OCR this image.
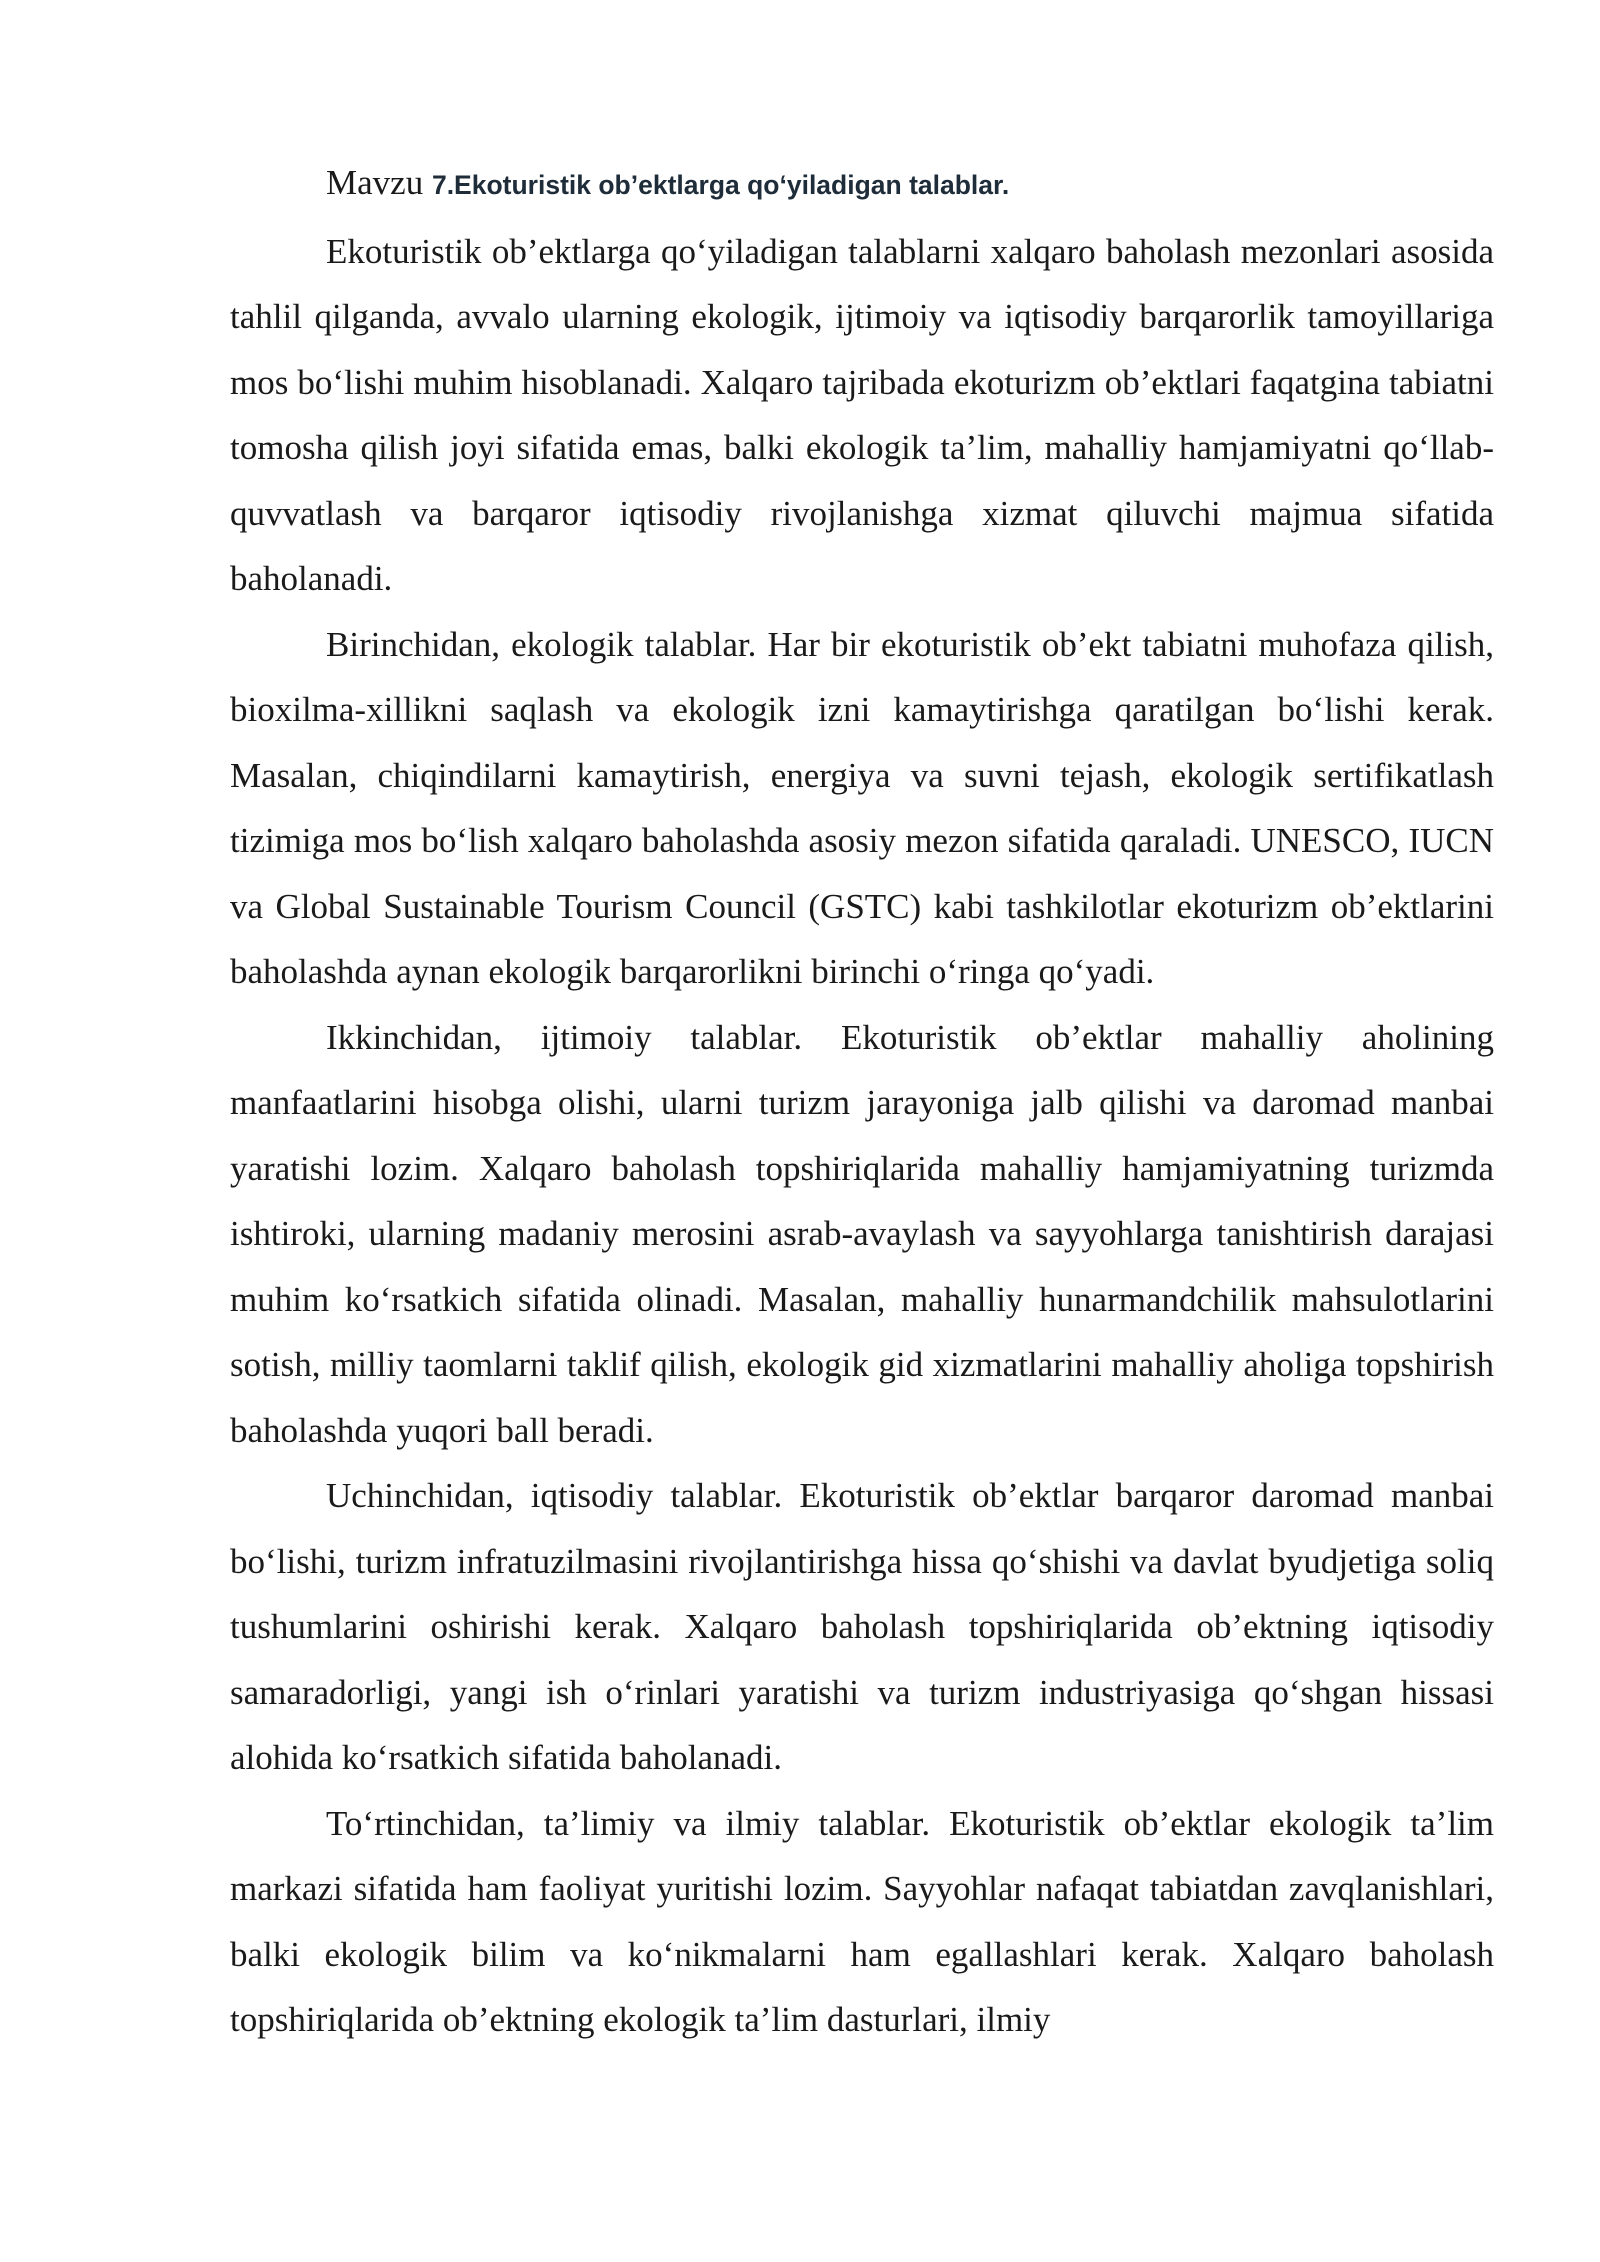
Mavzu 7.Ekoturistik ob’ektlarga qo‘yiladigan talablar.

Ekoturistik ob’ektlarga qo‘yiladigan talablarni xalqaro baholash mezonlari asosida tahlil qilganda, avvalo ularning ekologik, ijtimoiy va iqtisodiy barqarorlik tamoyillariga mos bo‘lishi muhim hisoblanadi. Xalqaro tajribada ekoturizm ob’ektlari faqatgina tabiatni tomosha qilish joyi sifatida emas, balki ekologik ta’lim, mahalliy hamjamiyatni qo‘llab-quvvatlash va barqaror iqtisodiy rivojlanishga xizmat qiluvchi majmua sifatida baholanadi.

Birinchidan, ekologik talablar. Har bir ekoturistik ob’ekt tabiatni muhofaza qilish, bioxilma-xillikni saqlash va ekologik izni kamaytirishga qaratilgan bo‘lishi kerak. Masalan, chiqindilarni kamaytirish, energiya va suvni tejash, ekologik sertifikatlash tizimiga mos bo‘lish xalqaro baholashda asosiy mezon sifatida qaraladi. UNESCO, IUCN va Global Sustainable Tourism Council (GSTC) kabi tashkilotlar ekoturizm ob’ektlarini baholashda aynan ekologik barqarorlikni birinchi o‘ringa qo‘yadi.

Ikkinchidan, ijtimoiy talablar. Ekoturistik ob’ektlar mahalliy aholining manfaatlarini hisobga olishi, ularni turizm jarayoniga jalb qilishi va daromad manbai yaratishi lozim. Xalqaro baholash topshiriqlarida mahalliy hamjamiyatning turizmda ishtiroki, ularning madaniy merosini asrab-avaylash va sayyohlarga tanishtirish darajasi muhim ko‘rsatkich sifatida olinadi. Masalan, mahalliy hunarmandchilik mahsulotlarini sotish, milliy taomlarni taklif qilish, ekologik gid xizmatlarini mahalliy aholiga topshirish baholashda yuqori ball beradi.

Uchinchidan, iqtisodiy talablar. Ekoturistik ob’ektlar barqaror daromad manbai bo‘lishi, turizm infratuzilmasini rivojlantirishga hissa qo‘shishi va davlat byudjetiga soliq tushumlarini oshirishi kerak. Xalqaro baholash topshiriqlarida ob’ektning iqtisodiy samaradorligi, yangi ish o‘rinlari yaratishi va turizm industriyasiga qo‘shgan hissasi alohida ko‘rsatkich sifatida baholanadi.

To‘rtinchidan, ta’limiy va ilmiy talablar. Ekoturistik ob’ektlar ekologik ta’lim markazi sifatida ham faoliyat yuritishi lozim. Sayyohlar nafaqat tabiatdan zavqlanishlari, balki ekologik bilim va ko‘nikmalarni ham egallashlari kerak. Xalqaro baholash topshiriqlarida ob’ektning ekologik ta’lim dasturlari, ilmiy
